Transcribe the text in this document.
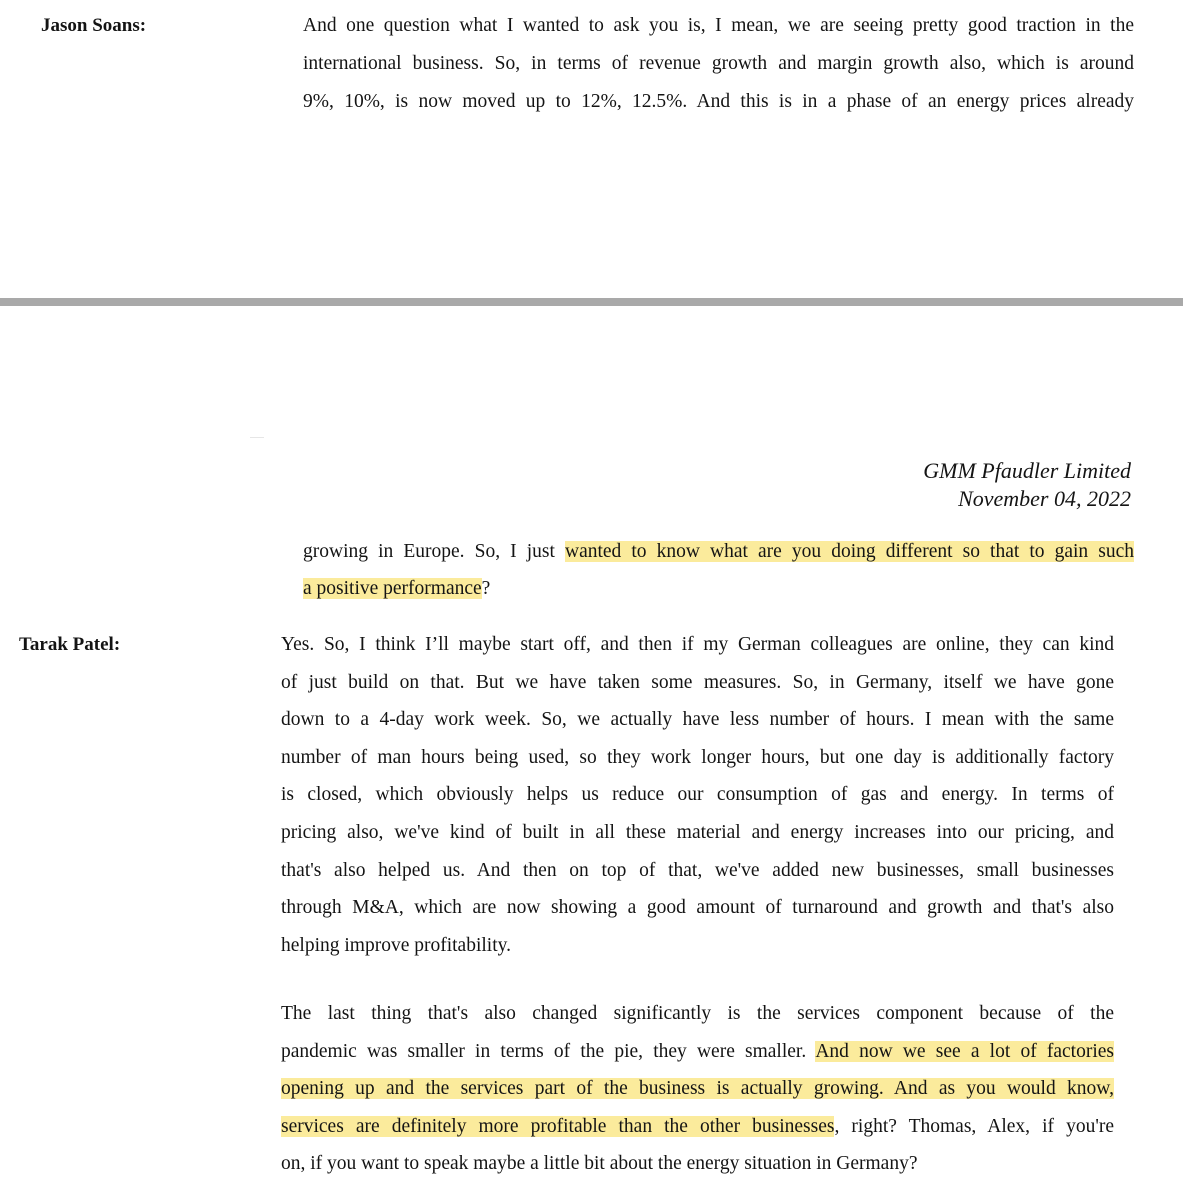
Jason Soans:	And one question what I wanted to ask you is, I mean, we are seeing pretty good traction in the
international business. So, in terms of revenue growth and margin growth also, which is around
9%, 10%, is now moved up to 12%, 12.5%. And this is in a phase of an energy prices already
GMM Pfaudler Limited
November 04, 2022
growing in Europe. So, I just wanted to know what are you doing different so that to gain such
a positive performance?
Tarak Patel:	Yes. So, I think I’ll maybe start off, and then if my German colleagues are online, they can kind
of just build on that. But we have taken some measures. So, in Germany, itself we have gone
down to a 4-day work week. So, we actually have less number of hours. I mean with the same
number of man hours being used, so they work longer hours, but one day is additionally factory
is closed, which obviously helps us reduce our consumption of gas and energy. In terms of
pricing also, we've kind of built in all these material and energy increases into our pricing, and
that's also helped us. And then on top of that, we've added new businesses, small businesses
through M&A, which are now showing a good amount of turnaround and growth and that's also
helping improve profitability.
The last thing that's also changed significantly is the services component because of the
pandemic was smaller in terms of the pie, they were smaller. And now we see a lot of factories
opening up and the services part of the business is actually growing. And as you would know,
services are definitely more profitable than the other businesses, right? Thomas, Alex, if you're
on, if you want to speak maybe a little bit about the energy situation in Germany?
